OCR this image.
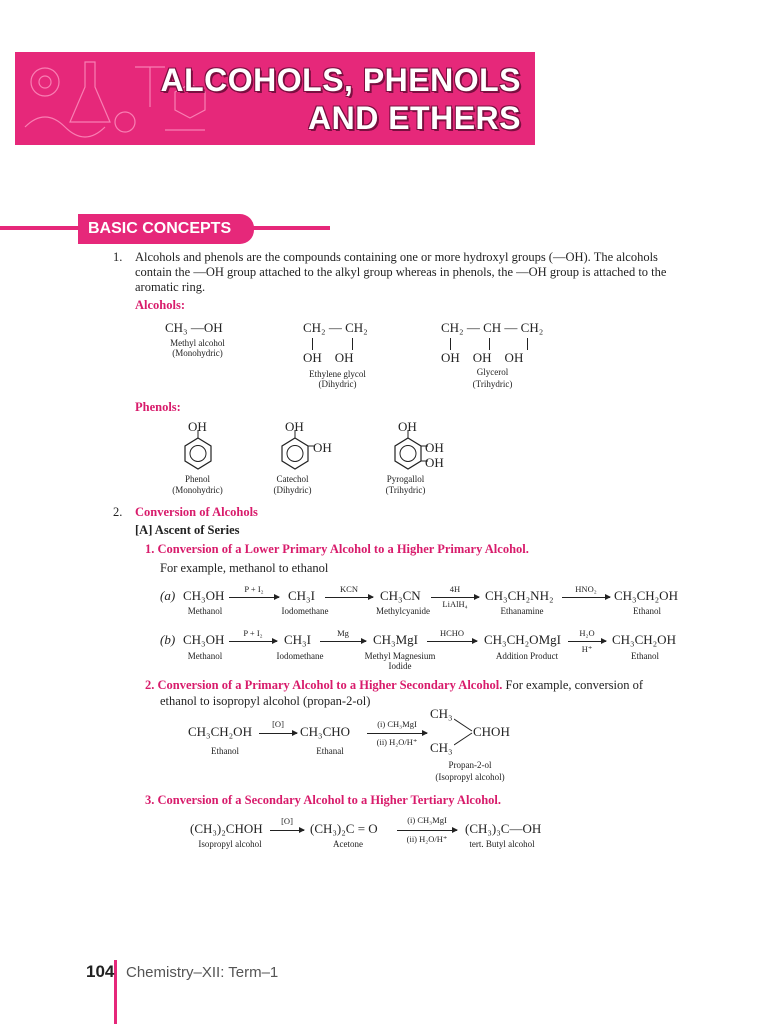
ALCOHOLS, PHENOLS
AND ETHERS
BASIC CONCEPTS
1. Alcohols and phenols are the compounds containing one or more hydroxyl groups (—OH). The alcohols
contain the —OH group attached to the alkyl group whereas in phenols, the —OH group is attached to the
aromatic ring.
Alcohols:
CH₃ —OH
Methyl alcohol
(Monohydric)
CH₂ — CH₂
OH    OH
Ethylene glycol
(Dihydric)
CH₂ — CH — CH₂
OH    OH    OH
Glycerol
(Trihydric)
Phenols:
OH
Phenol
(Monohydric)
OH
OH
Catechol
(Dihydric)
OH
OH
OH
Pyrogallol
(Trihydric)
2. Conversion of Alcohols
[A] Ascent of Series
1. Conversion of a Lower Primary Alcohol to a Higher Primary Alcohol.
For example, methanol to ethanol
(a) CH₃OH →
P + I₂	CH₃I →
KCN	CH₃CN →
4H
LiAlH₄
CH₃CH₂NH₂ →
HNO₂	CH₃CH₂OH
Methanol	Iodomethane	Methylcyanide	Ethanamine	Ethanol
(b) CH₃OH →
P + I₂	CH₃I →
Mg	CH₃MgI →
HCHO	CH₃CH₂OMgI →
H₂O
H⁺
CH₃CH₂OH
Methanol	Iodomethane	Methyl Magnesium
Iodide
Addition Product	Ethanol
2. Conversion of a Primary Alcohol to a Higher Secondary Alcohol. For example, conversion of
ethanol to isopropyl alcohol (propan-2-ol)
CH₃CH₂OH →
[O]	CH₃CHO →
(i) CH₃MgI
(ii) H₂O/H⁺
CH₃
CH₃
CHOH
Ethanol	Ethanal
Propan-2-ol
(Isopropyl alcohol)
3. Conversion of a Secondary Alcohol to a Higher Tertiary Alcohol.
(CH₃)₂CHOH →
[O]	(CH₃)₂C = O →
(i) CH₃MgI
(ii) H₂O/H⁺
(CH₃)₃C—OH
Isopropyl alcohol	Acetone	tert. Butyl alcohol
104 Chemistry–XII: Term–1
